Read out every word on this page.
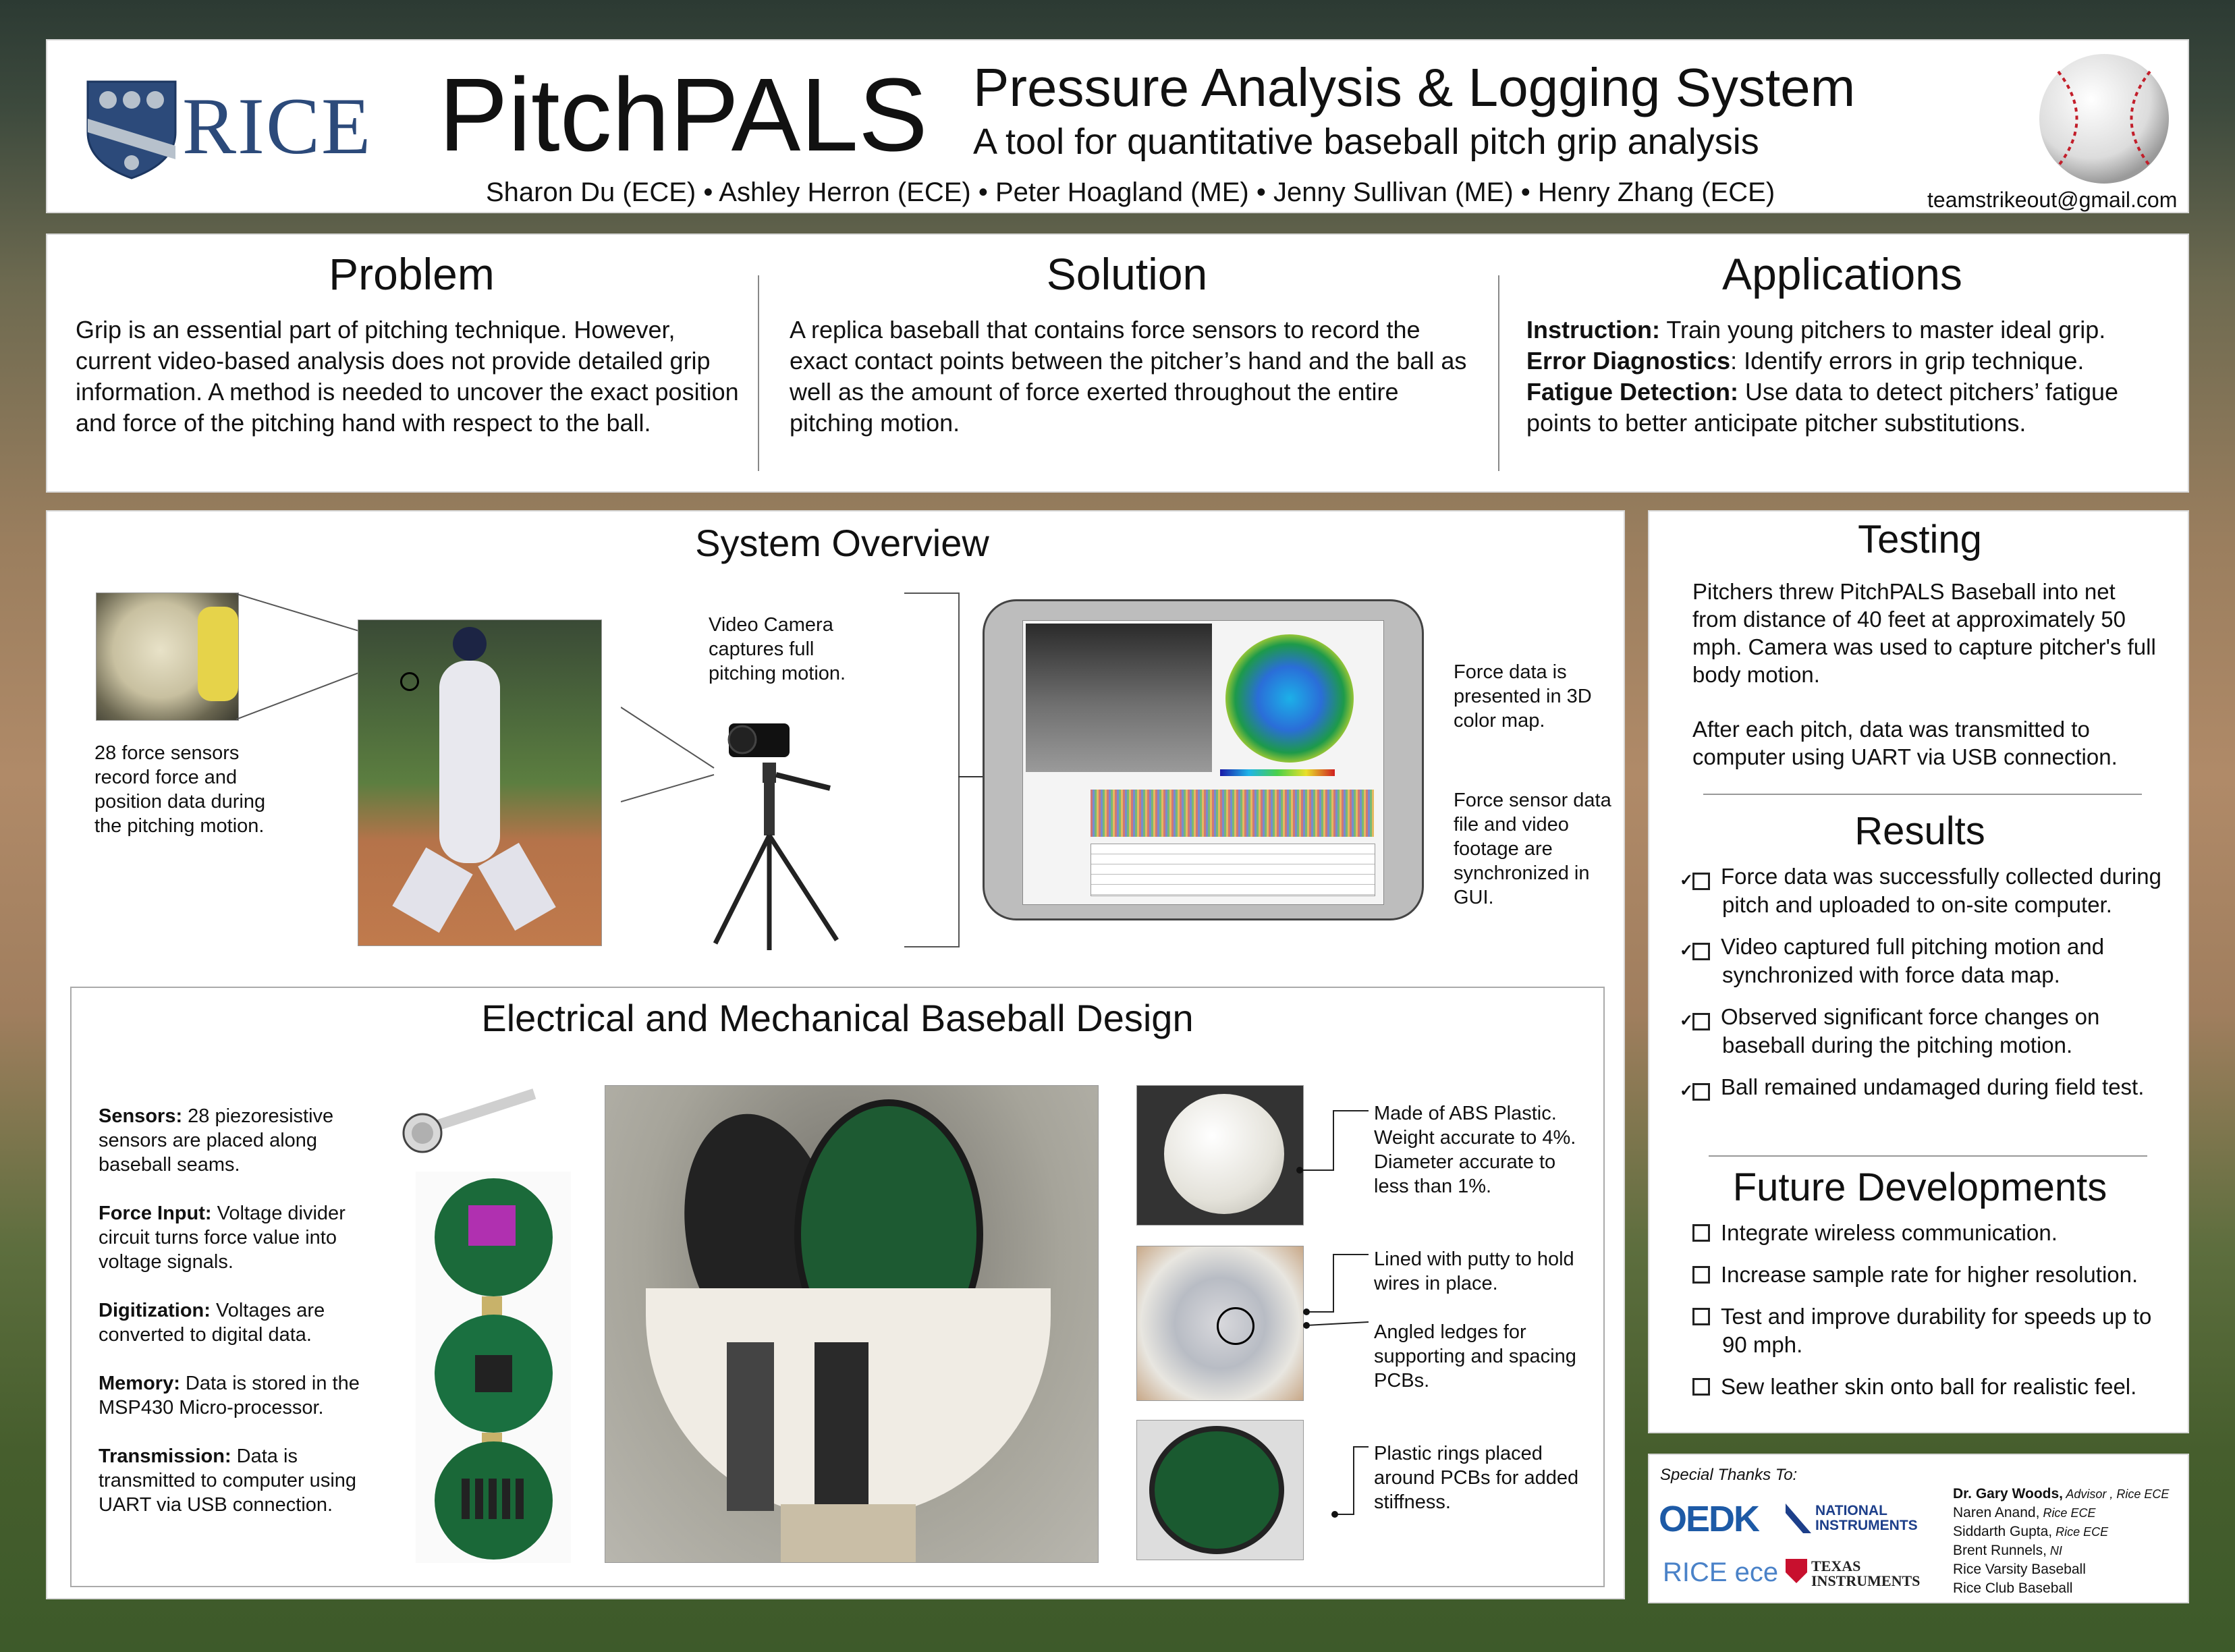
RICE PitchPALS Pressure Analysis & Logging System
A tool for quantitative baseball pitch grip analysis
Sharon Du (ECE) • Ashley Herron (ECE) • Peter Hoagland (ME) • Jenny Sullivan (ME) • Henry Zhang (ECE)	teamstrikeout@gmail.com
Problem
Grip is an essential part of pitching technique. However, current video-based analysis does not provide detailed grip information. A method is needed to uncover the exact position and force of the pitching hand with respect to the ball.
Solution
A replica baseball that contains force sensors to record the exact contact points between the pitcher’s hand and the ball as well as the amount of force exerted throughout the entire pitching motion.
Applications
Instruction: Train young pitchers to master ideal grip.
Error Diagnostics: Identify errors in grip technique.
Fatigue Detection: Use data to detect pitchers’ fatigue points to better anticipate pitcher substitutions.
System Overview
28 force sensors record force and position data during the pitching motion.
Video Camera captures full pitching motion.	Force data is presented in 3D color map.
Force sensor data file and video footage are synchronized in GUI.
Electrical and Mechanical Baseball Design
Sensors: 28 piezoresistive sensors are placed along baseball seams.
Force Input: Voltage divider circuit turns force value into voltage signals.
Digitization: Voltages are converted to digital data.
Memory: Data is stored in the MSP430 Micro-processor.
Transmission: Data is transmitted to computer using UART via USB connection.
Made of ABS Plastic. Weight accurate to 4%. Diameter accurate to less than 1%.
Lined with putty to hold wires in place.
Angled ledges for supporting and spacing PCBs.
Plastic rings placed around PCBs for added stiffness.
Testing
Pitchers threw PitchPALS Baseball into net from distance of 40 feet at approximately 50 mph. Camera was used to capture pitcher's full body motion.
After each pitch, data was transmitted to computer using UART via USB connection.
Results
✓ Force data was successfully collected during pitch and uploaded to on-site computer.
✓ Video captured full pitching motion and synchronized with force data map.
✓ Observed significant force changes on baseball during the pitching motion.
✓ Ball remained undamaged during field test.
Future Developments
Integrate wireless communication.
Increase sample rate for higher resolution.
Test and improve durability for speeds up to 90 mph.
Sew leather skin onto ball for realistic feel.
Special Thanks To:
OEDK	NATIONAL INSTRUMENTS
RICE ece TEXAS INSTRUMENTS
Dr. Gary Woods, Advisor , Rice ECE
Naren Anand, Rice ECE
Siddarth Gupta, Rice ECE
Brent Runnels, NI
Rice Varsity Baseball
Rice Club Baseball
